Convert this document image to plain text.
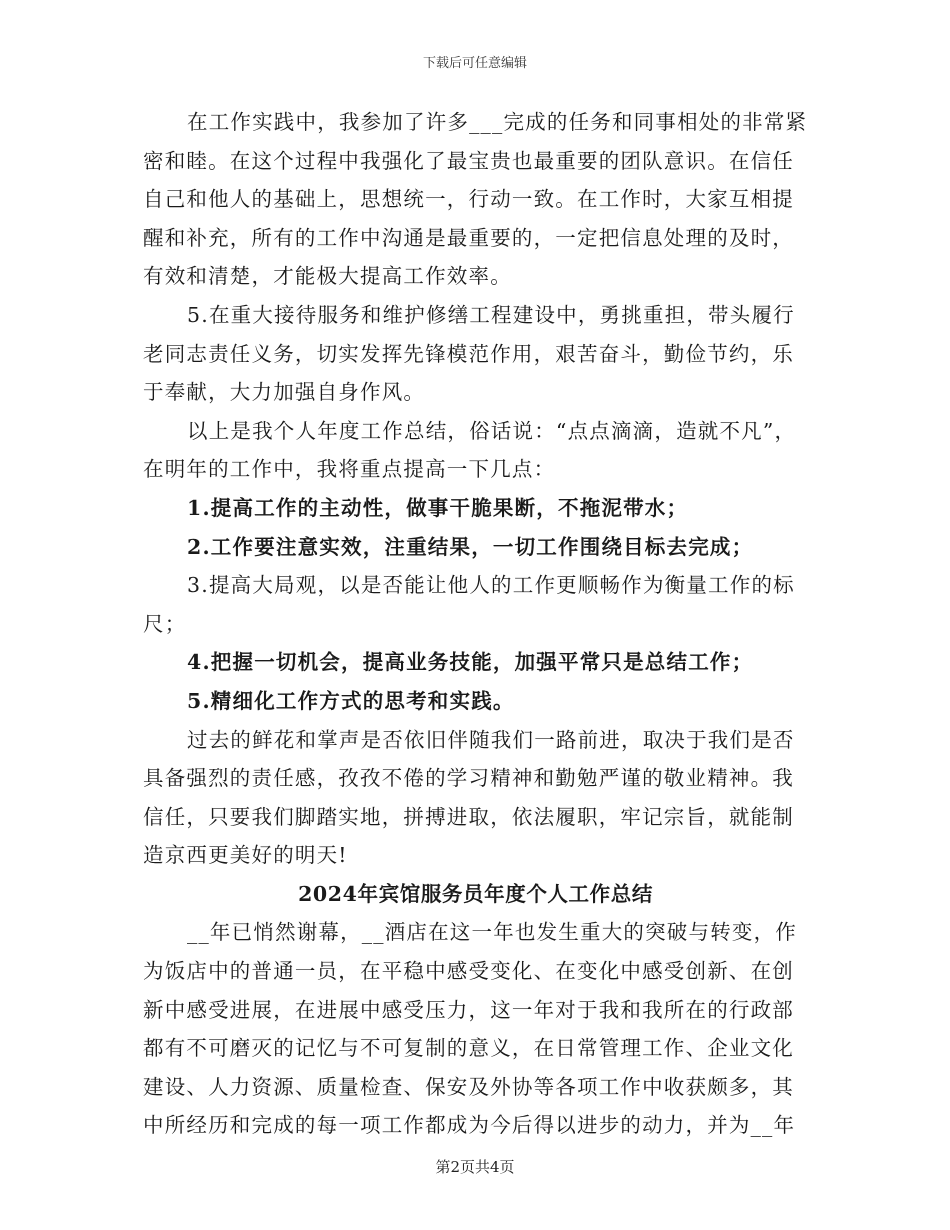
下载后可任意编辑
在工作实践中，我参加了许多___完成的任务和同事相处的非常紧
密和睦。在这个过程中我强化了最宝贵也最重要的团队意识。在信任
自己和他人的基础上，思想统一，行动一致。在工作时，大家互相提
醒和补充，所有的工作中沟通是最重要的，一定把信息处理的及时，
有效和清楚，才能极大提高工作效率。
5.在重大接待服务和维护修缮工程建设中，勇挑重担，带头履行
老同志责任义务，切实发挥先锋模范作用，艰苦奋斗，勤俭节约，乐
于奉献，大力加强自身作风。
以上是我个人年度工作总结，俗话说：“点点滴滴，造就不凡”，
在明年的工作中，我将重点提高一下几点：
1.提高工作的主动性，做事干脆果断，不拖泥带水；
2.工作要注意实效，注重结果，一切工作围绕目标去完成；
3.提高大局观，以是否能让他人的工作更顺畅作为衡量工作的标
尺；
4.把握一切机会，提高业务技能，加强平常只是总结工作；
5.精细化工作方式的思考和实践。
过去的鲜花和掌声是否依旧伴随我们一路前进，取决于我们是否
具备强烈的责任感，孜孜不倦的学习精神和勤勉严谨的敬业精神。我
信任，只要我们脚踏实地，拼搏进取，依法履职，牢记宗旨，就能制
造京西更美好的明天!
2024年宾馆服务员年度个人工作总结
__年已悄然谢幕，__酒店在这一年也发生重大的突破与转变，作
为饭店中的普通一员，在平稳中感受变化、在变化中感受创新、在创
新中感受进展，在进展中感受压力，这一年对于我和我所在的行政部
都有不可磨灭的记忆与不可复制的意义，在日常管理工作、企业文化
建设、人力资源、质量检查、保安及外协等各项工作中收获颇多，其
中所经历和完成的每一项工作都成为今后得以进步的动力，并为__年
第2页共4页
